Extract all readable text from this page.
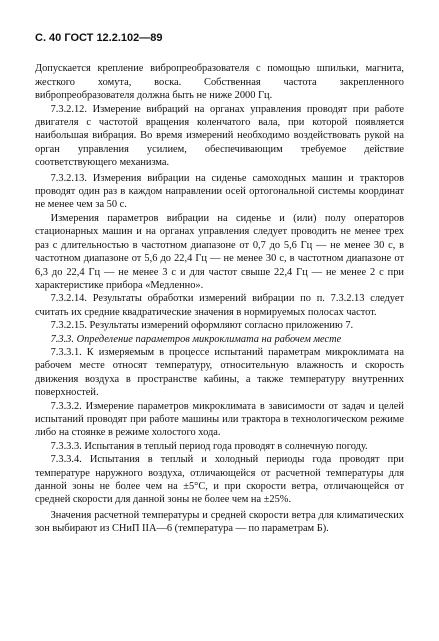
С. 40 ГОСТ 12.2.102—89

Допускается крепление вибропреобразователя с помощью шпильки, магнита, жесткого хомута, воска. Собственная частота закрепленного вибропреобразователя должна быть не ниже 2000 Гц.

7.3.2.12. Измерение вибраций на органах управления проводят при работе двигателя с частотой вращения коленчатого вала, при которой появляется наибольшая вибрация. Во время измерений необходимо воздействовать рукой на орган управления усилием, обеспечивающим требуемое действие соответствующего механизма.

7.3.2.13. Измерения вибрации на сиденье самоходных машин и тракторов проводят один раз в каждом направлении осей ортогональной системы координат не менее чем за 50 с.

Измерения параметров вибрации на сиденье и (или) полу операторов стационарных машин и на органах управления следует проводить не менее трех раз с длительностью в частотном диапазоне от 0,7 до 5,6 Гц — не менее 30 с, в частотном диапазоне от 5,6 до 22,4 Гц — не менее 30 с, в частотном диапазоне от 6,3 до 22,4 Гц — не менее 3 с и для частот свыше 22,4 Гц — не менее 2 с при характеристике прибора «Медленно».

7.3.2.14. Результаты обработки измерений вибрации по п. 7.3.2.13 следует считать их средние квадратические значения в нормируемых полосах частот.

7.3.2.15. Результаты измерений оформляют согласно приложению 7.

7.3.3. Определение параметров микроклимата на рабочем месте

7.3.3.1. К измеряемым в процессе испытаний параметрам микроклимата на рабочем месте относят температуру, относительную влажность и скорость движения воздуха в пространстве кабины, а также температуру внутренних поверхностей.

7.3.3.2. Измерение параметров микроклимата в зависимости от задач и целей испытаний проводят при работе машины или трактора в технологическом режиме либо на стоянке в режиме холостого хода.

7.3.3.3. Испытания в теплый период года проводят в солнечную погоду.

7.3.3.4. Испытания в теплый и холодный периоды года проводят при температуре наружного воздуха, отличающейся от расчетной температуры для данной зоны не более чем на ±5°С, и при скорости ветра, отличающейся от средней скорости для данной зоны не более чем на ±25%.

Значения расчетной температуры и средней скорости ветра для климатических зон выбирают из СНиП IIА—6 (температура — по параметрам Б).
